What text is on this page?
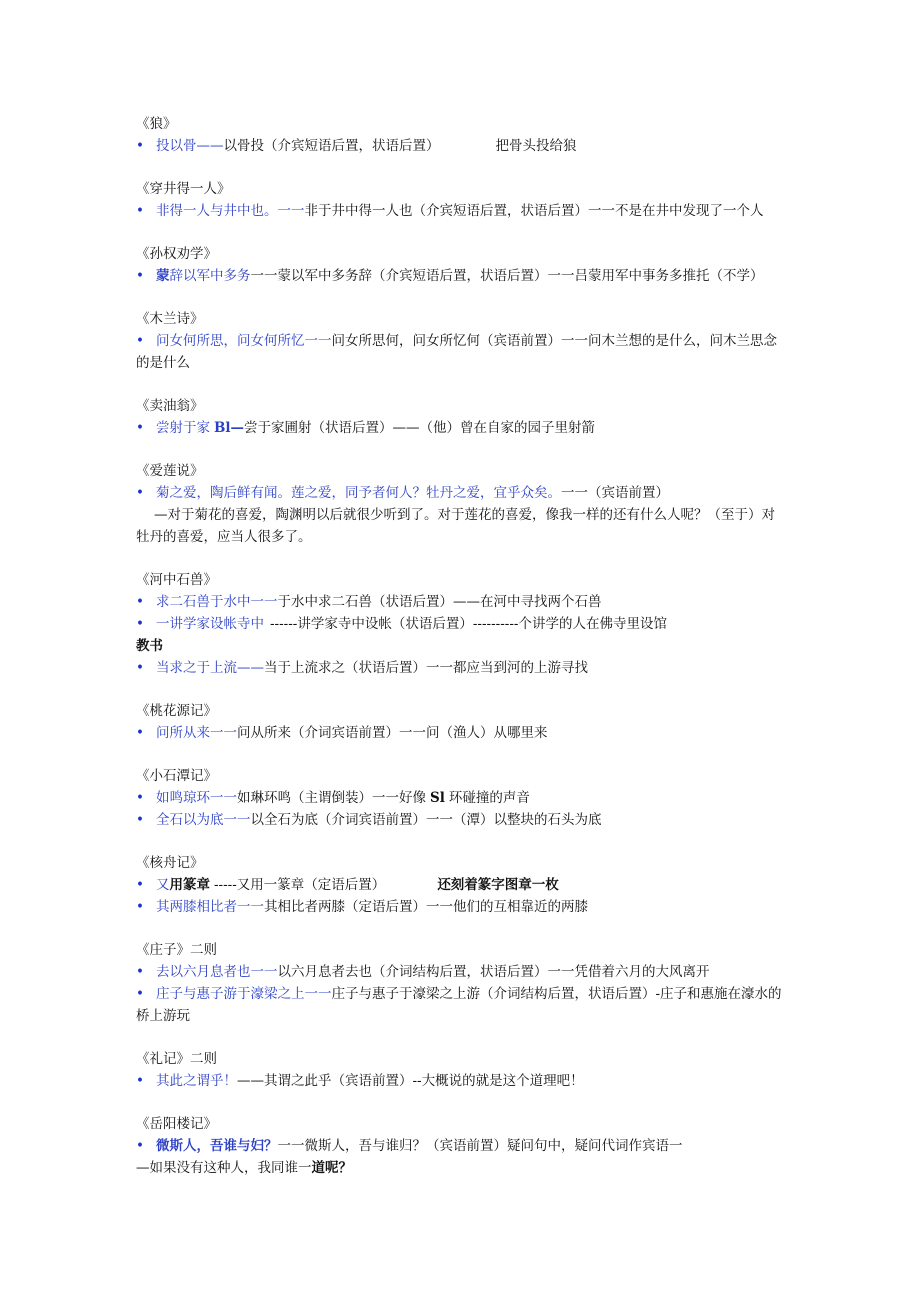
《狼》
• 投以骨——以骨投（介宾短语后置，状语后置）	把骨头投给狼
《穿井得一人》
• 非得一人与井中也。一一非于井中得一人也（介宾短语后置，状语后置）一一不是在井中发现了一个人
《孙权劝学》
• 蒙辞以军中多务一一蒙以军中多务辞（介宾短语后置，状语后置）一一吕蒙用军中事务多推托（不学）
《木兰诗》
• 问女何所思，问女何所忆一一问女所思何，问女所忆何（宾语前置）一一问木兰想的是什么，问木兰思念的是什么
《卖油翁》
• 尝射于家 Bl—尝于家圃射（状语后置）——（他）曾在自家的园子里射箭
《爱莲说》
• 菊之爱，陶后鲜有闻。莲之爱，同予者何人？牡丹之爱，宜乎众矣。一一（宾语前置）
—对于菊花的喜爱，陶渊明以后就很少听到了。对于莲花的喜爱，像我一样的还有什么人呢？（至于）对牡丹的喜爱，应当人很多了。
《河中石兽》
• 求二石兽于水中一一于水中求二石兽（状语后置）——在河中寻找两个石兽
• 一讲学家设帐寺中 ------讲学家寺中设帐（状语后置）----------个讲学的人在佛寺里设馆
教书
• 当求之于上流——当于上流求之（状语后置）一一都应当到河的上游寻找
《桃花源记》
• 问所从来一一问从所来（介词宾语前置）一一问（渔人）从哪里来
《小石潭记》
• 如鸣琼环一一如琳环鸣（主谓倒装）一一好像 Sl 环碰撞的声音
• 全石以为底一一以全石为底（介词宾语前置）一一（潭）以整块的石头为底
《核舟记》
• 又用篆章 -----又用一篆章（定语后置）	还刻着篆字图章一枚
• 其两膝相比者一一其相比者两膝（定语后置）一一他们的互相靠近的两膝
《庄子》二则
• 去以六月息者也一一以六月息者去也（介词结构后置，状语后置）一一凭借着六月的大风离开
• 庄子与惠子游于濠梁之上一一庄子与惠子于濠梁之上游（介词结构后置，状语后置）-庄子和惠施在濠水的桥上游玩
《礼记》二则
• 其此之谓乎！——其谓之此乎（宾语前置）--大概说的就是这个道理吧！
《岳阳楼记》
• 微斯人，吾谁与妇？一一微斯人，吾与谁归？（宾语前置）疑问句中，疑问代词作宾语一
—如果没有这种人，我同谁一道呢？
